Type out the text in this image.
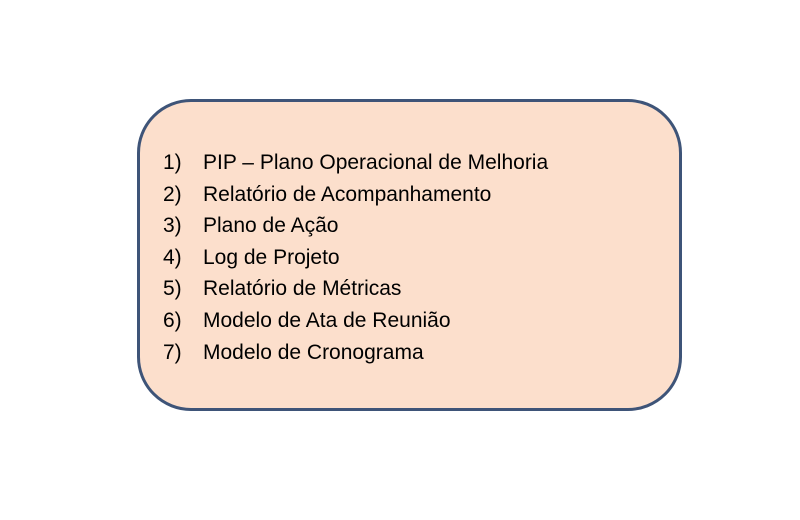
1)	PIP – Plano Operacional de Melhoria
2)	Relatório de Acompanhamento
3)	Plano de Ação
4)	Log de Projeto
5)	Relatório de Métricas
6)	Modelo de Ata de Reunião
7)	Modelo de Cronograma
